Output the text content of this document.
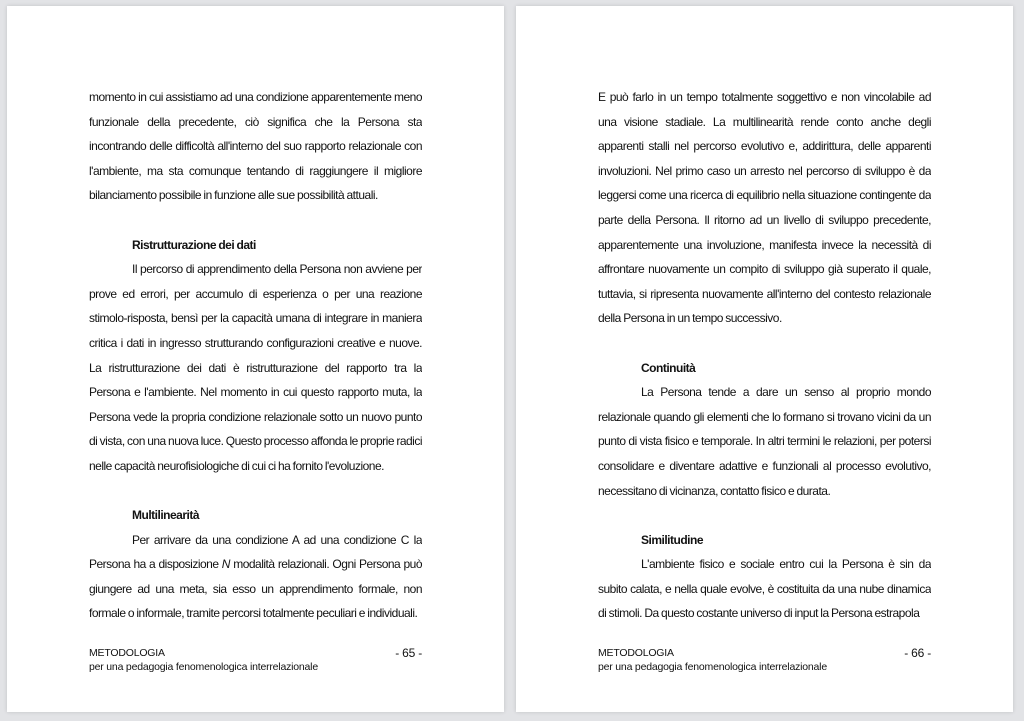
momento in cui assistiamo ad una condizione apparentemente meno funzionale della precedente, ciò significa che la Persona sta incontrando delle difficoltà all'interno del suo rapporto relazionale con l'ambiente, ma sta comunque tentando di raggiungere il migliore bilanciamento possibile in funzione alle sue possibilità attuali.

Ristrutturazione dei dati

Il percorso di apprendimento della Persona non avviene per prove ed errori, per accumulo di esperienza o per una reazione stimolo-risposta, bensì per la capacità umana di integrare in maniera critica i dati in ingresso strutturando configurazioni creative e nuove. La ristrutturazione dei dati è ristrutturazione del rapporto tra la Persona e l'ambiente. Nel momento in cui questo rapporto muta, la Persona vede la propria condizione relazionale sotto un nuovo punto di vista, con una nuova luce. Questo processo affonda le proprie radici nelle capacità neurofisiologiche di cui ci ha fornito l'evoluzione.

Multilinearità

Per arrivare da una condizione A ad una condizione C la Persona ha a disposizione N modalità relazionali. Ogni Persona può giungere ad una meta, sia esso un apprendimento formale, non formale o informale, tramite percorsi totalmente peculiari e individuali.

METODOLOGIA
per una pedagogia fenomenologica interrelazionale
- 65 -

E può farlo in un tempo totalmente soggettivo e non vincolabile ad una visione stadiale. La multilinearità rende conto anche degli apparenti stalli nel percorso evolutivo e, addirittura, delle apparenti involuzioni. Nel primo caso un arresto nel percorso di sviluppo è da leggersi come una ricerca di equilibrio nella situazione contingente da parte della Persona. Il ritorno ad un livello di sviluppo precedente, apparentemente una involuzione, manifesta invece la necessità di affrontare nuovamente un compito di sviluppo già superato il quale, tuttavia, si ripresenta nuovamente all'interno del contesto relazionale della Persona in un tempo successivo.

Continuità

La Persona tende a dare un senso al proprio mondo relazionale quando gli elementi che lo formano si trovano vicini da un punto di vista fisico e temporale. In altri termini le relazioni, per potersi consolidare e diventare adattive e funzionali al processo evolutivo, necessitano di vicinanza, contatto fisico e durata.

Similitudine

L'ambiente fisico e sociale entro cui la Persona è sin da subito calata, e nella quale evolve, è costituita da una nube dinamica di stimoli. Da questo costante universo di input la Persona estrapola

METODOLOGIA
per una pedagogia fenomenologica interrelazionale
- 66 -
